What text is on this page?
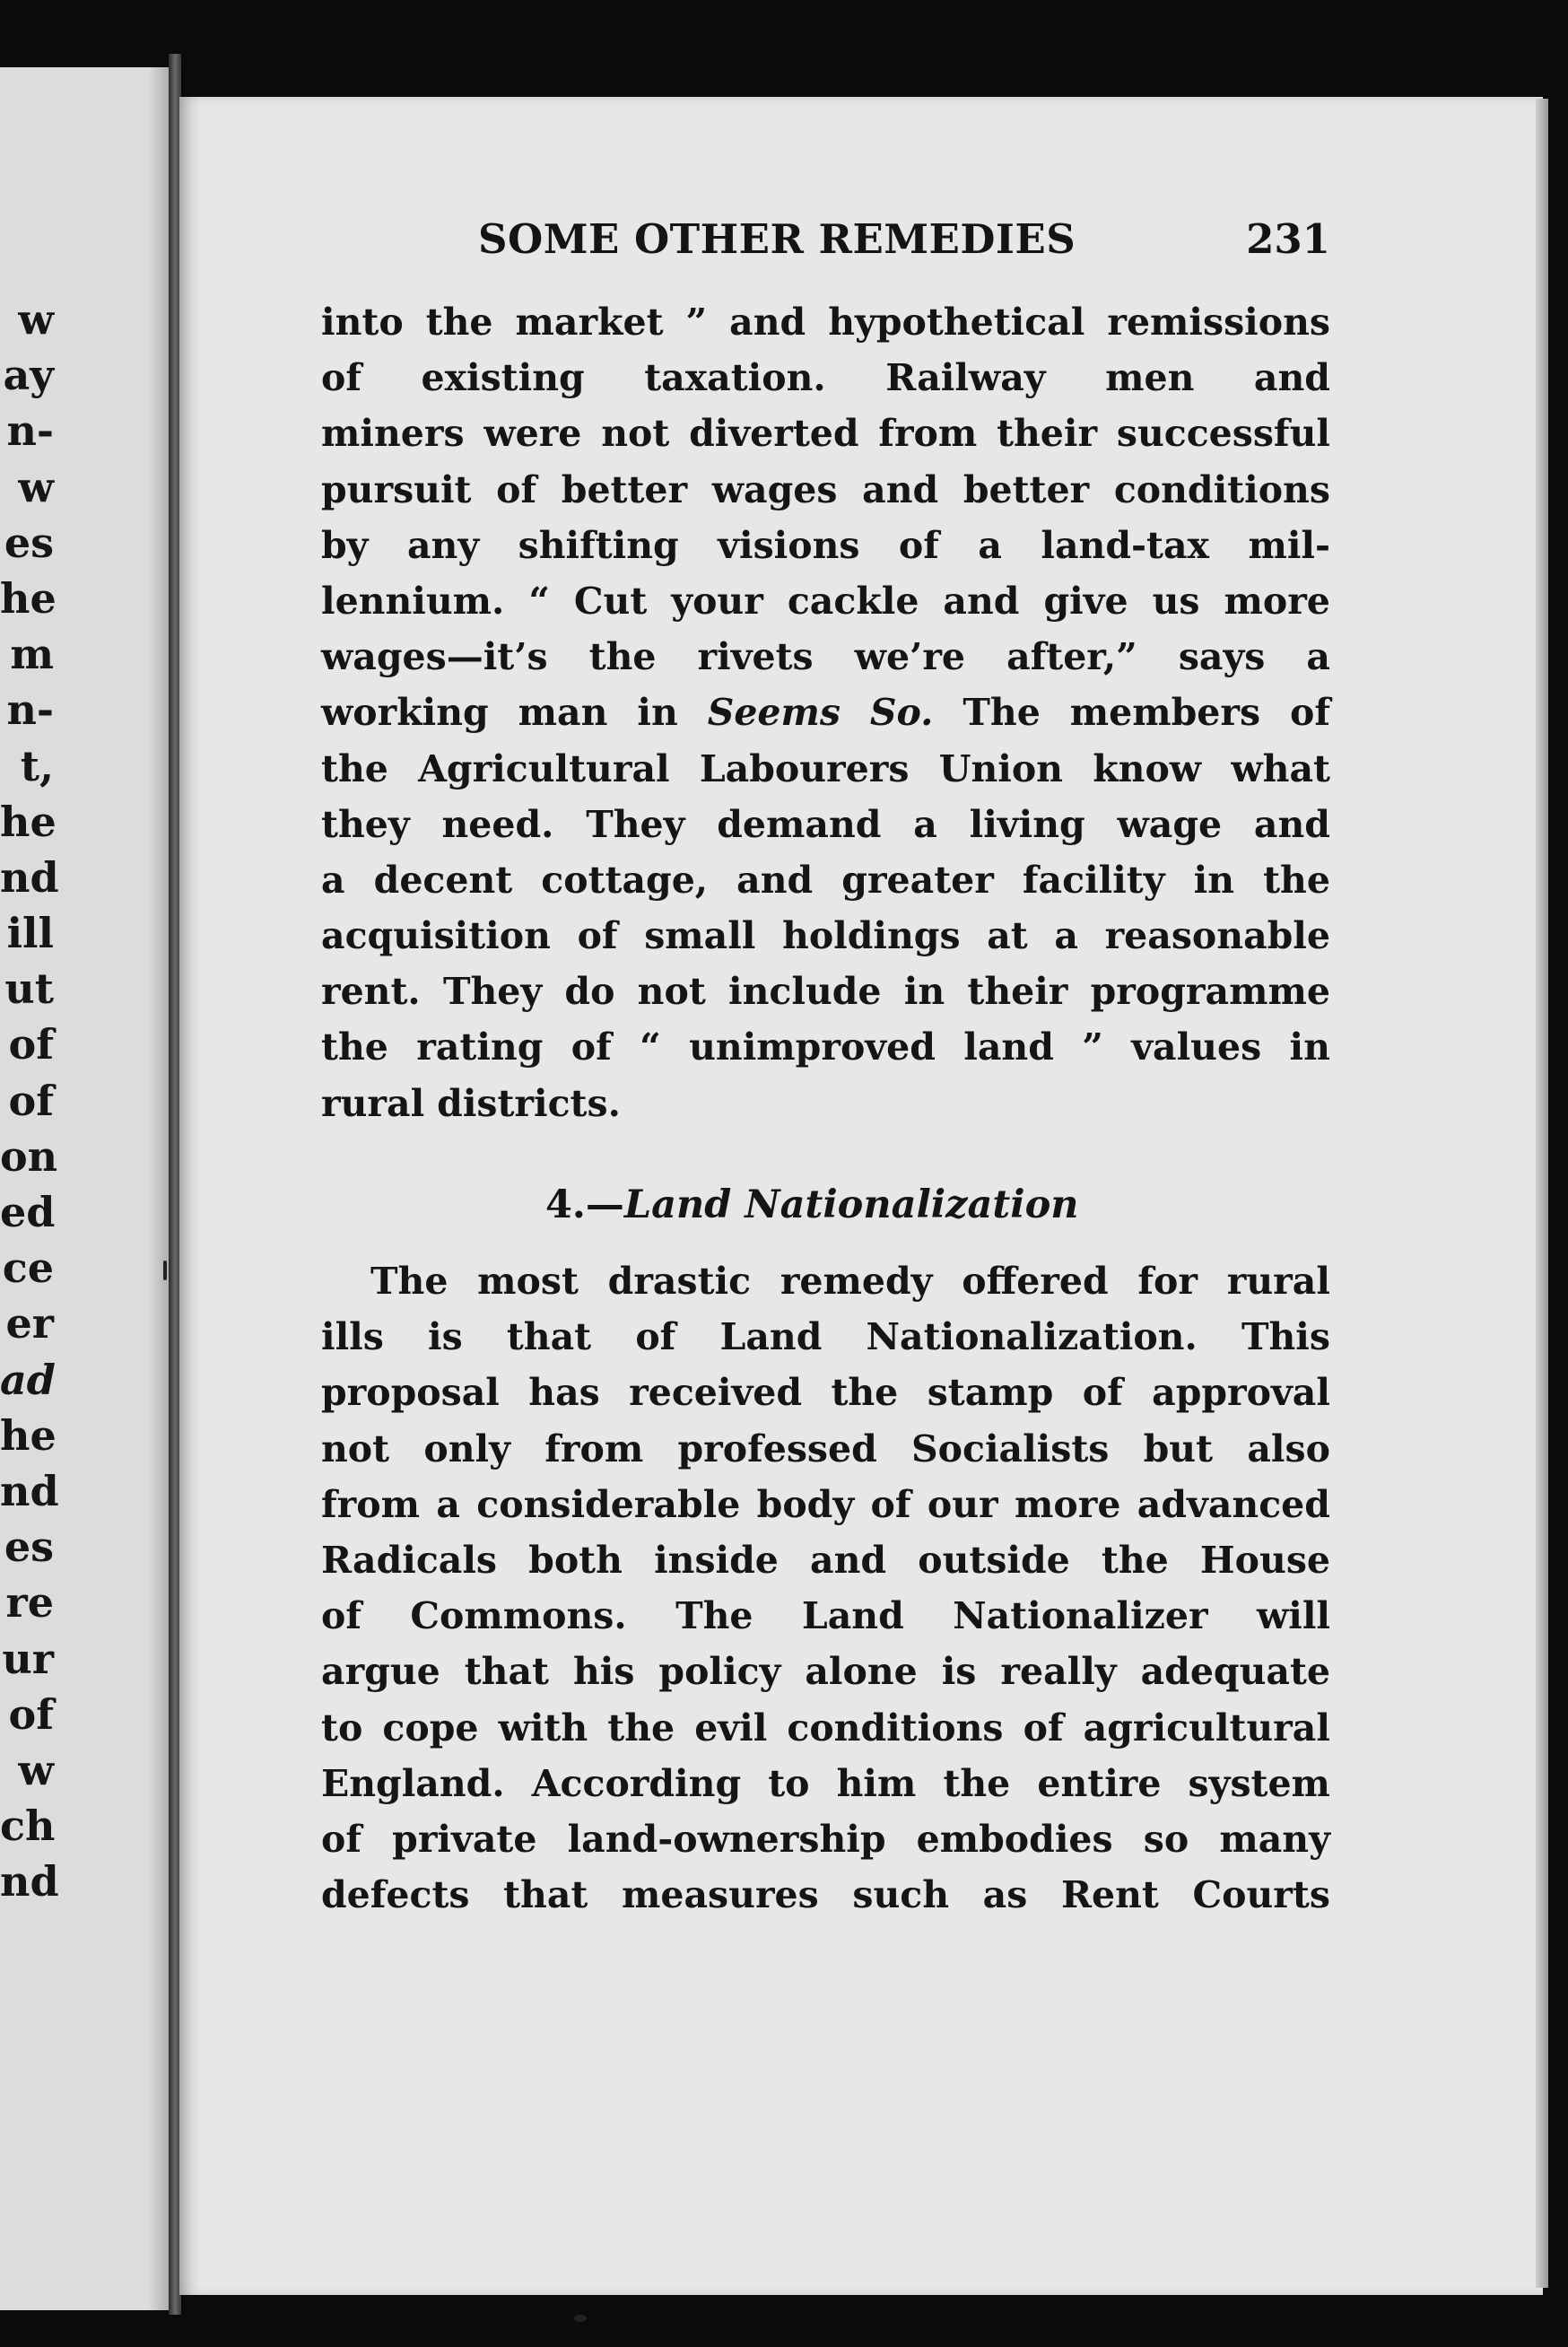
w
ay
n-
w
es
he
m
n-
t,
he
nd
ill
ut
of
of
on
ed
ce
er
ad
he
nd
es
re
ur
of
w
ch
nd
SOME OTHER REMEDIES	231
into the market ” and hypothetical remissions
of existing taxation. Railway men and
miners were not diverted from their successful
pursuit of better wages and better conditions
by any shifting visions of a land-tax mil-
lennium. “ Cut your cackle and give us more
wages—it’s the rivets we’re after,” says a
working man in Seems So. The members of
the Agricultural Labourers Union know what
they need. They demand a living wage and
a decent cottage, and greater facility in the
acquisition of small holdings at a reasonable
rent. They do not include in their programme
the rating of “ unimproved land ” values in
rural districts.
4.—Land Nationalization
The most drastic remedy offered for rural
ills is that of Land Nationalization. This
proposal has received the stamp of approval
not only from professed Socialists but also
from a considerable body of our more advanced
Radicals both inside and outside the House
of Commons. The Land Nationalizer will
argue that his policy alone is really adequate
to cope with the evil conditions of agricultural
England. According to him the entire system
of private land-ownership embodies so many
defects that measures such as Rent Courts
